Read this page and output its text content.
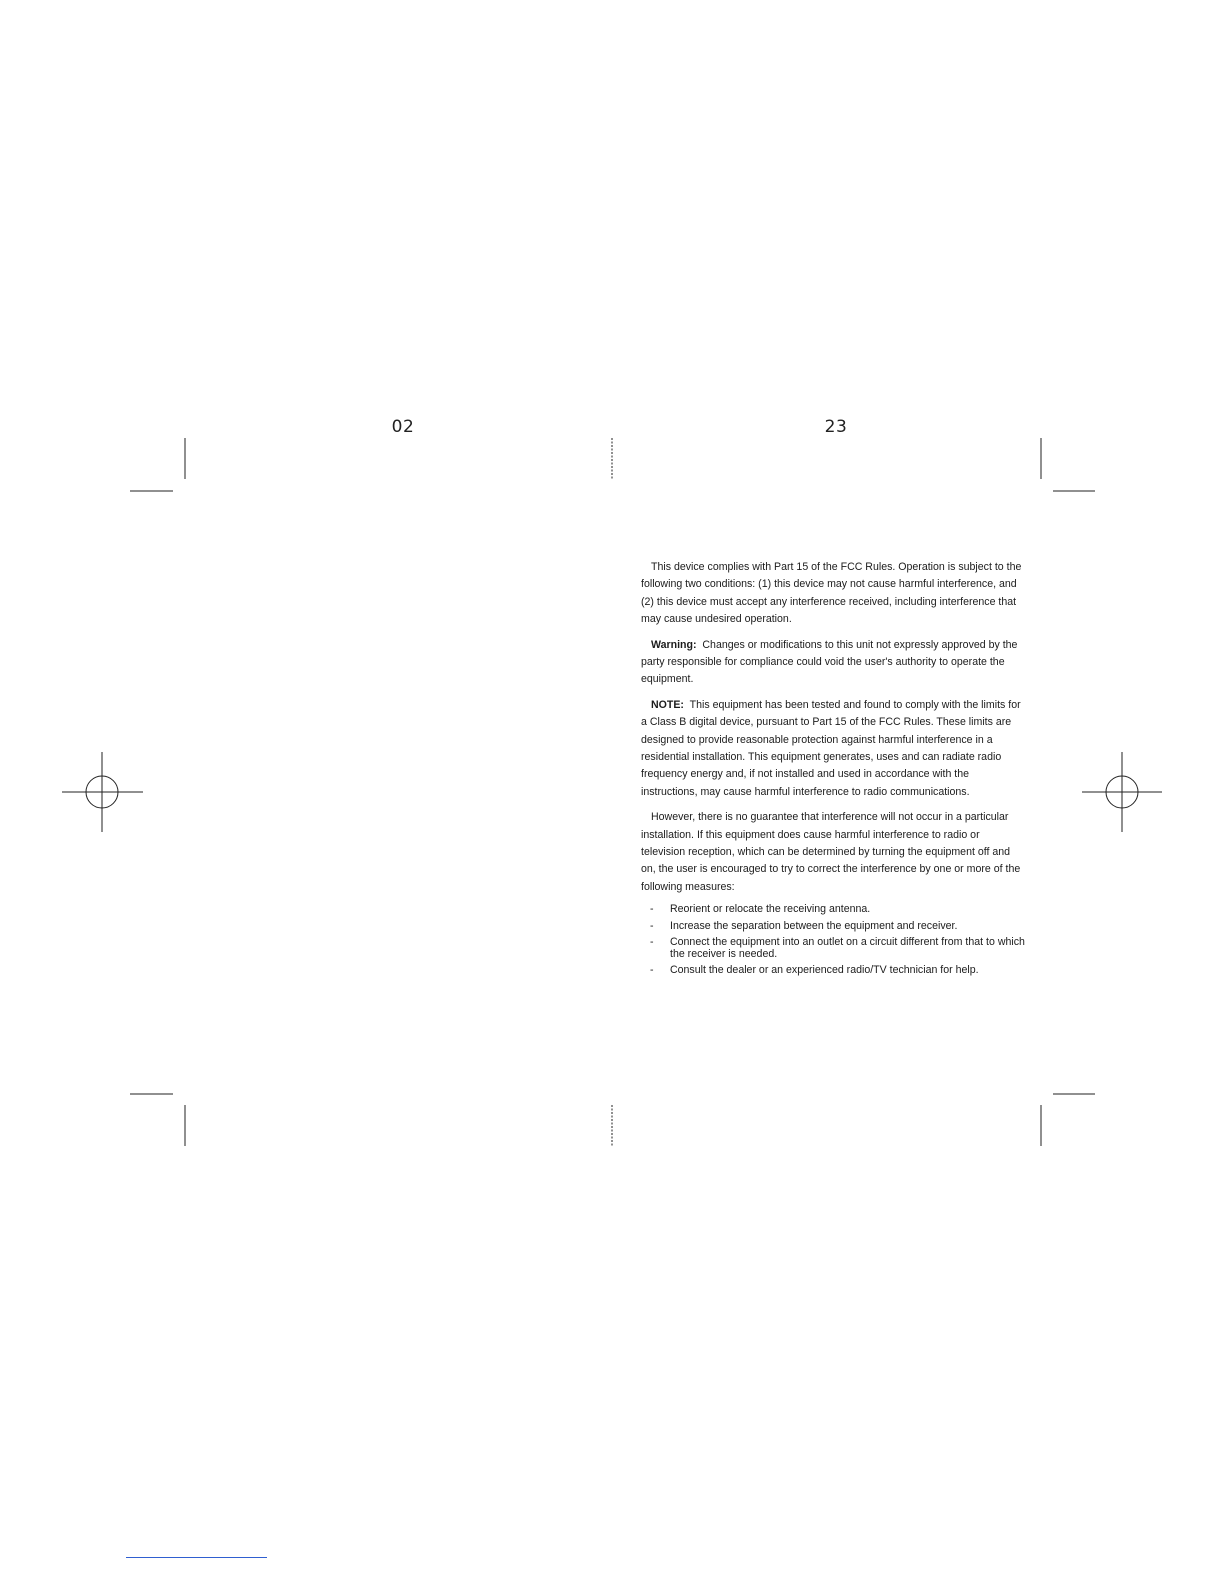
02	23

This device complies with Part 15 of the FCC Rules. Operation is subject to the following two conditions: (1) this device may not cause harmful interference, and (2) this device must accept any interference received, including interference that may cause undesired operation.

Warning: Changes or modifications to this unit not expressly approved by the party responsible for compliance could void the user's authority to operate the equipment.

NOTE: This equipment has been tested and found to comply with the limits for a Class B digital device, pursuant to Part 15 of the FCC Rules. These limits are designed to provide reasonable protection against harmful interference in a residential installation. This equipment generates, uses and can radiate radio frequency energy and, if not installed and used in accordance with the instructions, may cause harmful interference to radio communications.

However, there is no guarantee that interference will not occur in a particular installation. If this equipment does cause harmful interference to radio or television reception, which can be determined by turning the equipment off and on, the user is encouraged to try to correct the interference by one or more of the following measures:

- Reorient or relocate the receiving antenna.
- Increase the separation between the equipment and receiver.
- Connect the equipment into an outlet on a circuit different from that to which the receiver is needed.
- Consult the dealer or an experienced radio/TV technician for help.
